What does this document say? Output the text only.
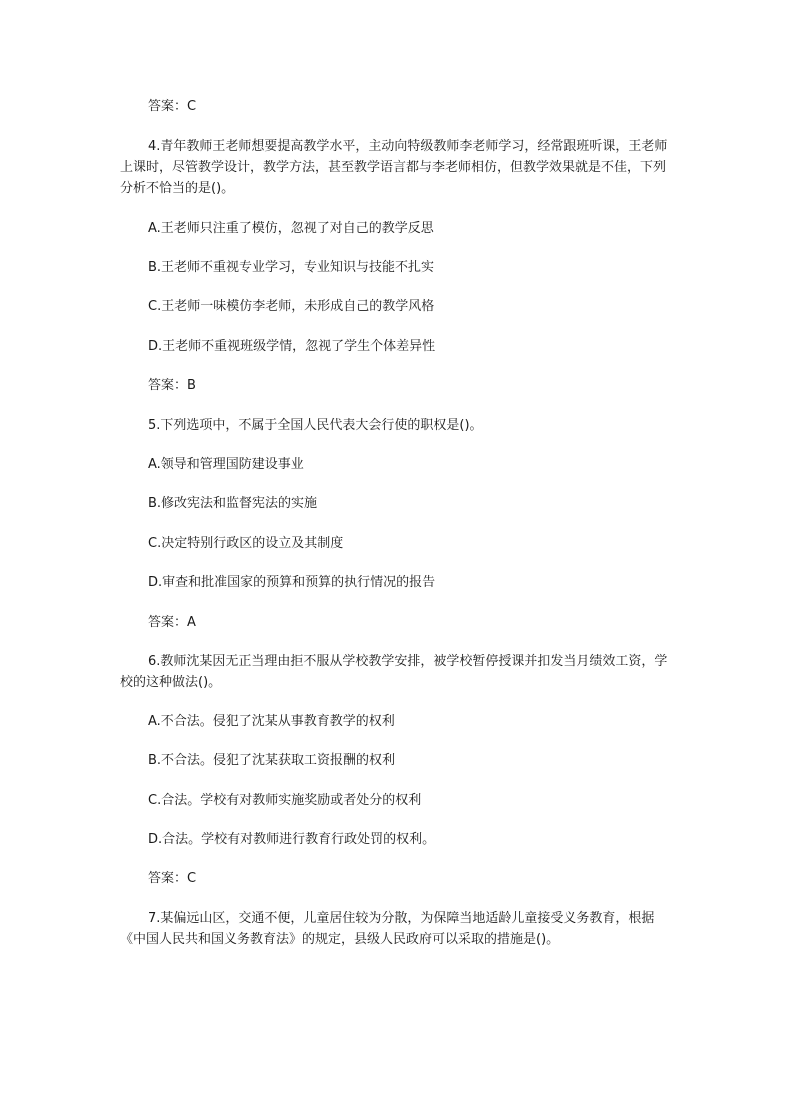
答案：C

4.青年教师王老师想要提高教学水平，主动向特级教师李老师学习，经常跟班听课，王老师上课时，尽管教学设计，教学方法，甚至教学语言都与李老师相仿，但教学效果就是不佳，下列分析不恰当的是()。

A.王老师只注重了模仿，忽视了对自己的教学反思

B.王老师不重视专业学习，专业知识与技能不扎实

C.王老师一味模仿李老师，未形成自己的教学风格

D.王老师不重视班级学情，忽视了学生个体差异性

答案：B

5.下列选项中，不属于全国人民代表大会行使的职权是()。

A.领导和管理国防建设事业

B.修改宪法和监督宪法的实施

C.决定特别行政区的设立及其制度

D.审查和批准国家的预算和预算的执行情况的报告

答案：A

6.教师沈某因无正当理由拒不服从学校教学安排，被学校暂停授课并扣发当月绩效工资，学校的这种做法()。

A.不合法。侵犯了沈某从事教育教学的权利

B.不合法。侵犯了沈某获取工资报酬的权利

C.合法。学校有对教师实施奖励或者处分的权利

D.合法。学校有对教师进行教育行政处罚的权利。

答案：C

7.某偏远山区，交通不便，儿童居住较为分散，为保障当地适龄儿童接受义务教育，根据《中国人民共和国义务教育法》的规定，县级人民政府可以采取的措施是()。
